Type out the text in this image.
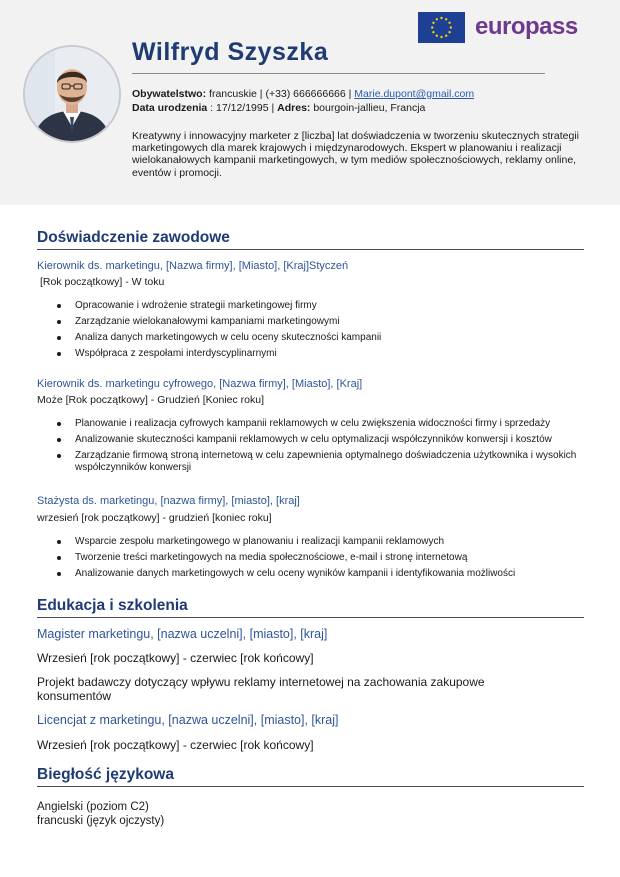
Wilfryd Szyszka
europass
Obywatelstwo: francuskie | (+33) 666666666 | Marie.dupont@gmail.com
Data urodzenia : 17/12/1995 | Adres: bourgoin-jallieu, Francja
Kreatywny i innowacyjny marketer z [liczba] lat doświadczenia w tworzeniu skutecznych strategii marketingowych dla marek krajowych i międzynarodowych. Ekspert w planowaniu i realizacji wielokanałowych kampanii marketingowych, w tym mediów społecznościowych, reklamy online, eventów i promocji.
Doświadczenie zawodowe
Kierownik ds. marketingu, [Nazwa firmy], [Miasto], [Kraj]Styczeń
[Rok początkowy] - W toku
Opracowanie i wdrożenie strategii marketingowej firmy
Zarządzanie wielokanałowymi kampaniami marketingowymi
Analiza danych marketingowych w celu oceny skuteczności kampanii
Współpraca z zespołami interdyscyplinarnymi
Kierownik ds. marketingu cyfrowego, [Nazwa firmy], [Miasto], [Kraj]
Może [Rok początkowy] - Grudzień [Koniec roku]
Planowanie i realizacja cyfrowych kampanii reklamowych w celu zwiększenia widoczności firmy i sprzedaży
Analizowanie skuteczności kampanii reklamowych w celu optymalizacji współczynników konwersji i kosztów
Zarządzanie firmową stroną internetową w celu zapewnienia optymalnego doświadczenia użytkownika i wysokich współczynników konwersji
Stażysta ds. marketingu, [nazwa firmy], [miasto], [kraj]
wrzesień [rok początkowy] - grudzień [koniec roku]
Wsparcie zespołu marketingowego w planowaniu i realizacji kampanii reklamowych
Tworzenie treści marketingowych na media społecznościowe, e-mail i stronę internetową
Analizowanie danych marketingowych w celu oceny wyników kampanii i identyfikowania możliwości
Edukacja i szkolenia
Magister marketingu, [nazwa uczelni], [miasto], [kraj]
Wrzesień [rok początkowy] - czerwiec [rok końcowy]
Projekt badawczy dotyczący wpływu reklamy internetowej na zachowania zakupowe konsumentów
Licencjat z marketingu, [nazwa uczelni], [miasto], [kraj]
Wrzesień [rok początkowy] - czerwiec [rok końcowy]
Biegłość językowa
Angielski (poziom C2)
francuski (język ojczysty)
